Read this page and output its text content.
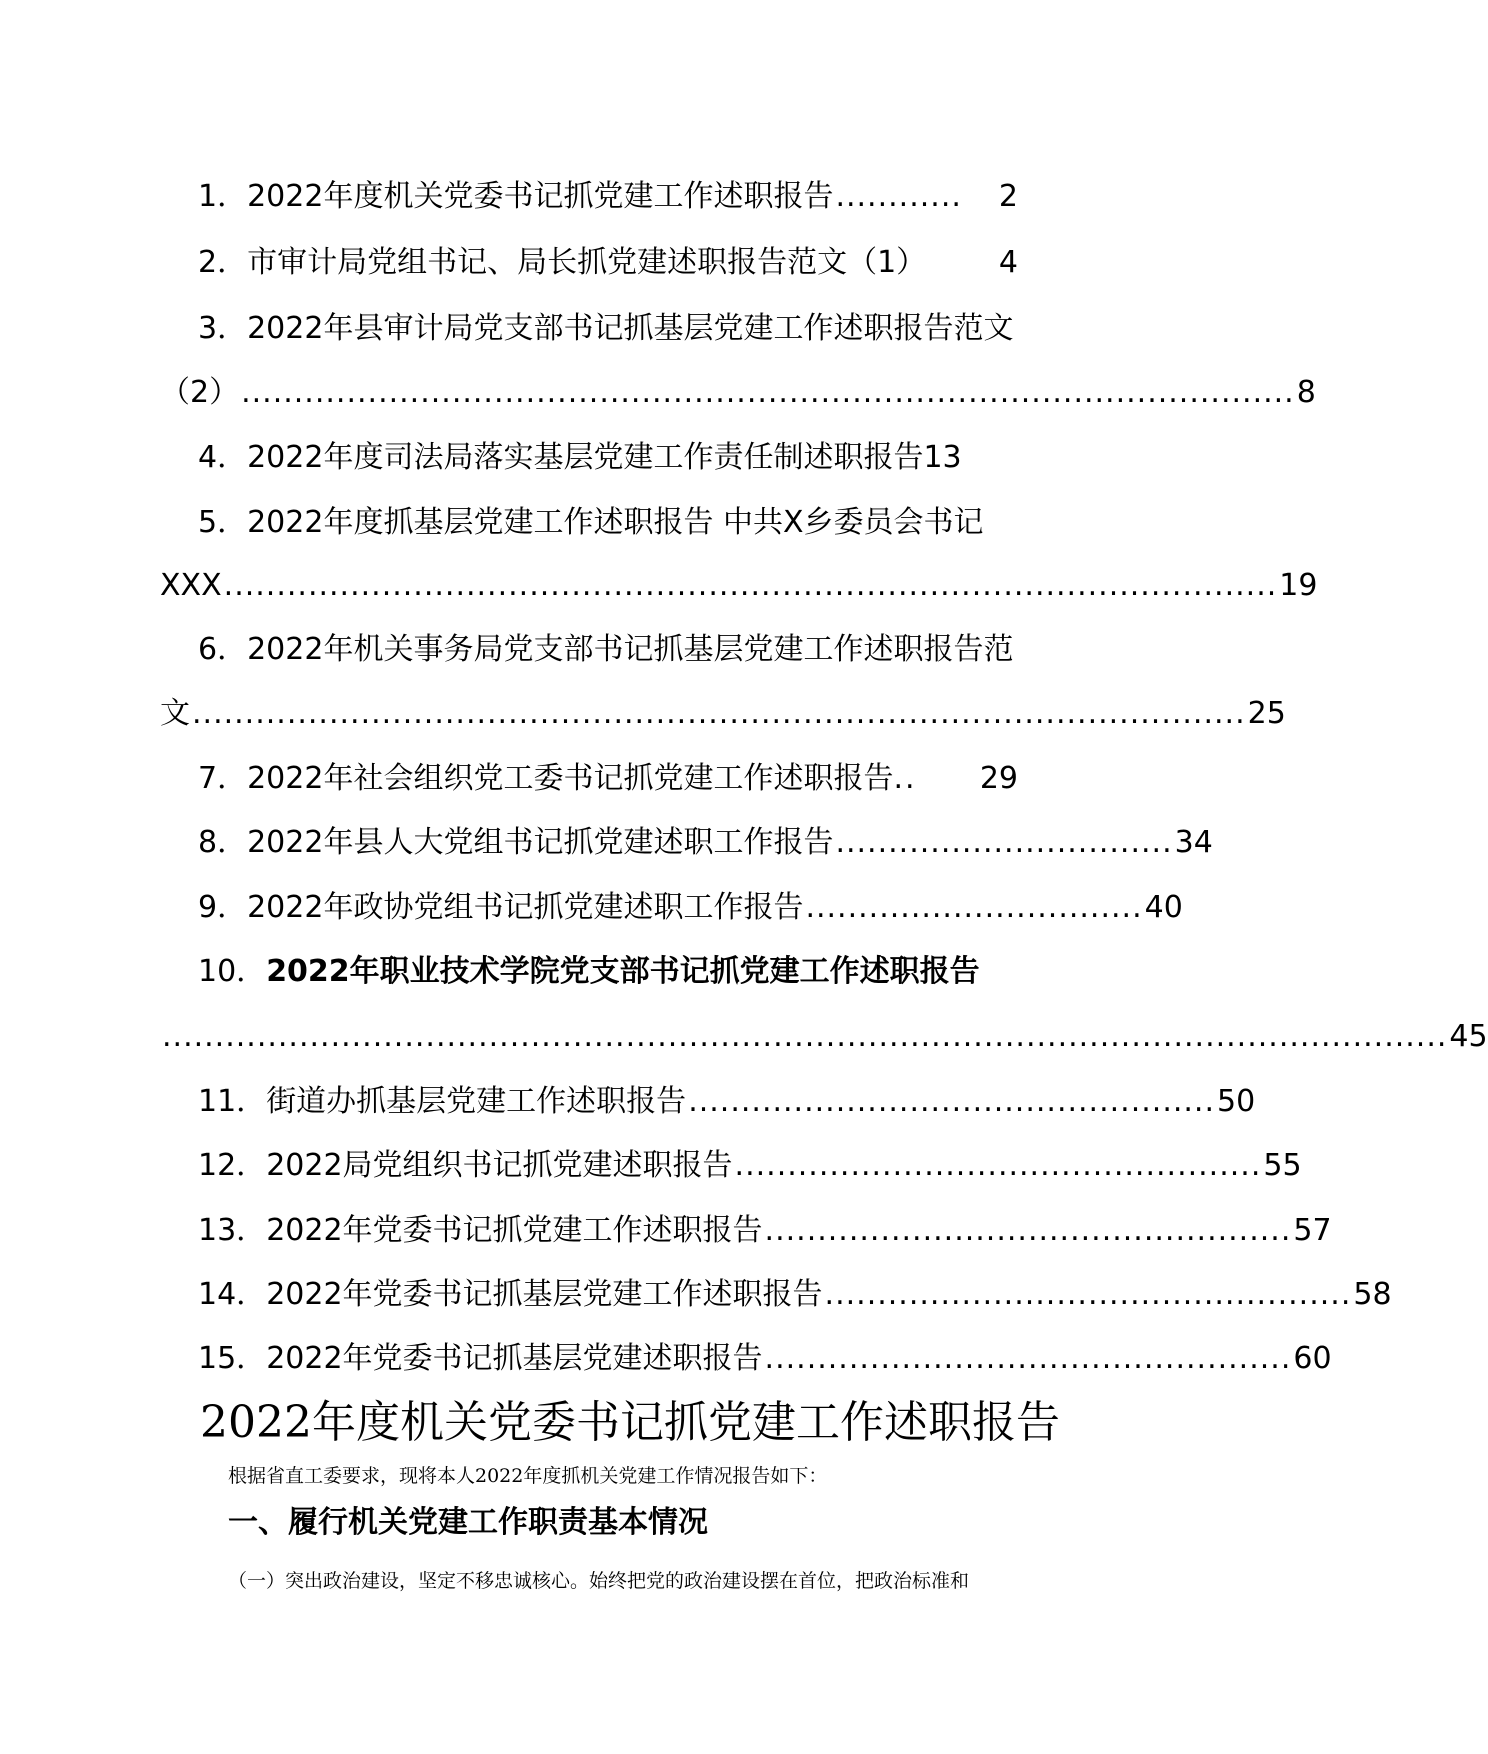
1． 2022年度机关党委书记抓党建工作述职报告 ............	2
2． 市审计局党组书记、局长抓党建述职报告范文（1） 4
3． 2022年县审计局党支部书记抓基层党建工作述职报告范文
（2） .................................................................................................... 8
4． 2022年度司法局落实基层党建工作责任制述职报告 13
5． 2022年度抓基层党建工作述职报告 中共X乡委员会书记
XXX .................................................................................................... 19
6． 2022年机关事务局党支部书记抓基层党建工作述职报告范
文 .................................................................................................... 25
7． 2022年社会组织党工委书记抓党建工作述职报告. .	29
8． 2022年县人大党组书记抓党建述职工作报告 ................................ 34
9． 2022年政协党组书记抓党建述职工作报告 ................................ 40
10． 2022年职业技术学院党支部书记抓党建工作述职报告
.......................................................................................................................... 45
11． 街道办抓基层党建工作述职报告 .................................................. 50
12． 2022局党组织书记抓党建述职报告 .................................................. 55
13． 2022年党委书记抓党建工作述职报告 .................................................. 57
14． 2022年党委书记抓基层党建工作述职报告 .................................................. 58
15． 2022年党委书记抓基层党建述职报告 .................................................. 60
2022年度机关党委书记抓党建工作述职报告
根据省直工委要求，现将本人2022年度抓机关党建工作情况报告如下：
一、履行机关党建工作职责基本情况
（一）突出政治建设，坚定不移忠诚核心。始终把党的政治建设摆在首位，把政治标准和
